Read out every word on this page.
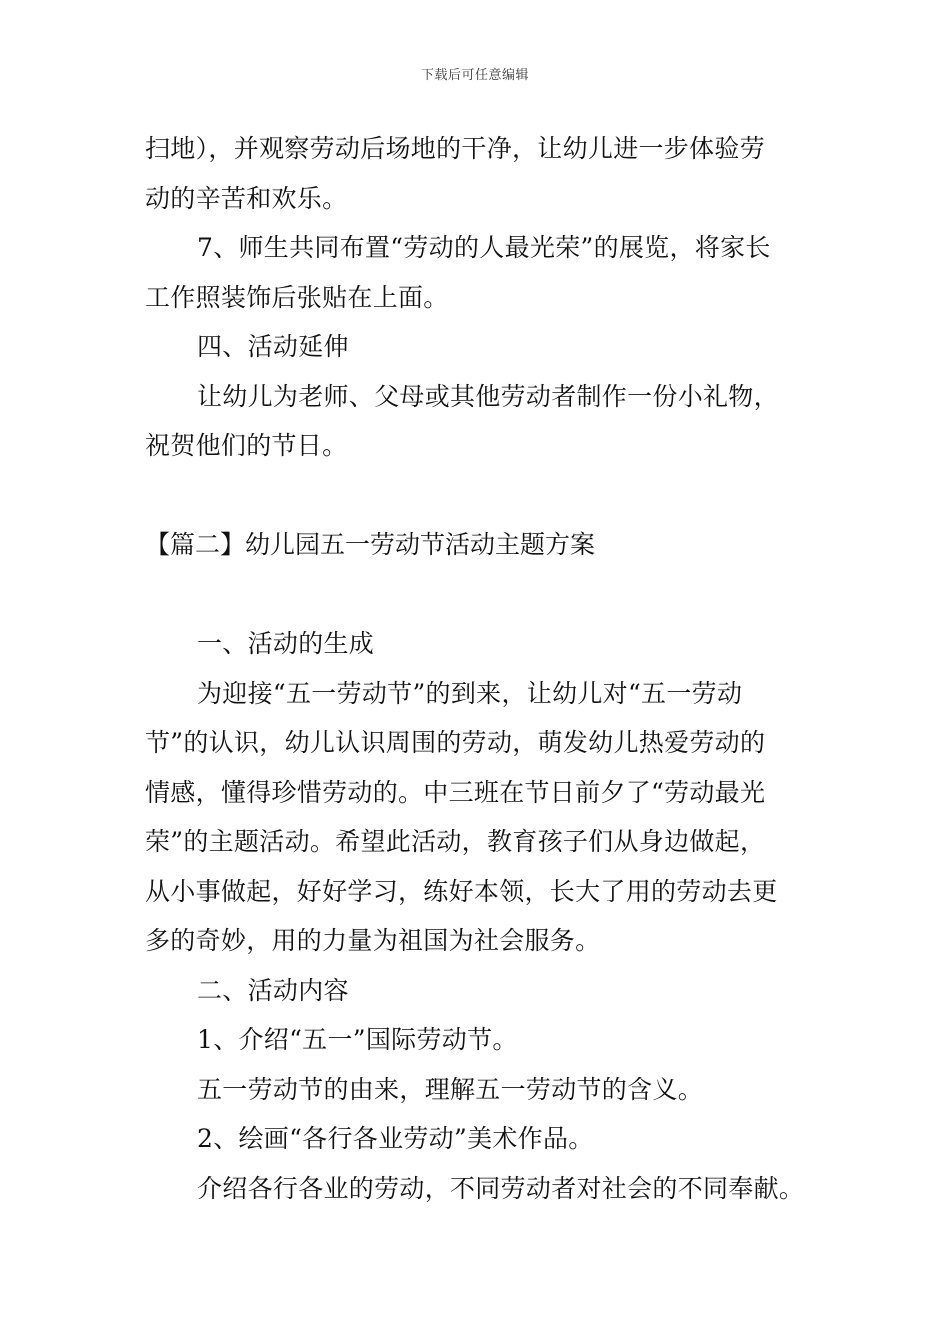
下载后可任意编辑
扫地），并观察劳动后场地的干净，让幼儿进一步体验劳
动的辛苦和欢乐。
7、师生共同布置“劳动的人最光荣”的展览，将家长
工作照装饰后张贴在上面。
四、活动延伸
让幼儿为老师、父母或其他劳动者制作一份小礼物，
祝贺他们的节日。
【篇二】幼儿园五一劳动节活动主题方案
一、活动的生成
为迎接“五一劳动节”的到来，让幼儿对“五一劳动
节”的认识，幼儿认识周围的劳动，萌发幼儿热爱劳动的
情感，懂得珍惜劳动的。中三班在节日前夕了“劳动最光
荣”的主题活动。希望此活动，教育孩子们从身边做起，
从小事做起，好好学习，练好本领，长大了用的劳动去更
多的奇妙，用的力量为祖国为社会服务。
二、活动内容
1、介绍“五一”国际劳动节。
五一劳动节的由来，理解五一劳动节的含义。
2、绘画“各行各业劳动”美术作品。
介绍各行各业的劳动，不同劳动者对社会的不同奉献。
